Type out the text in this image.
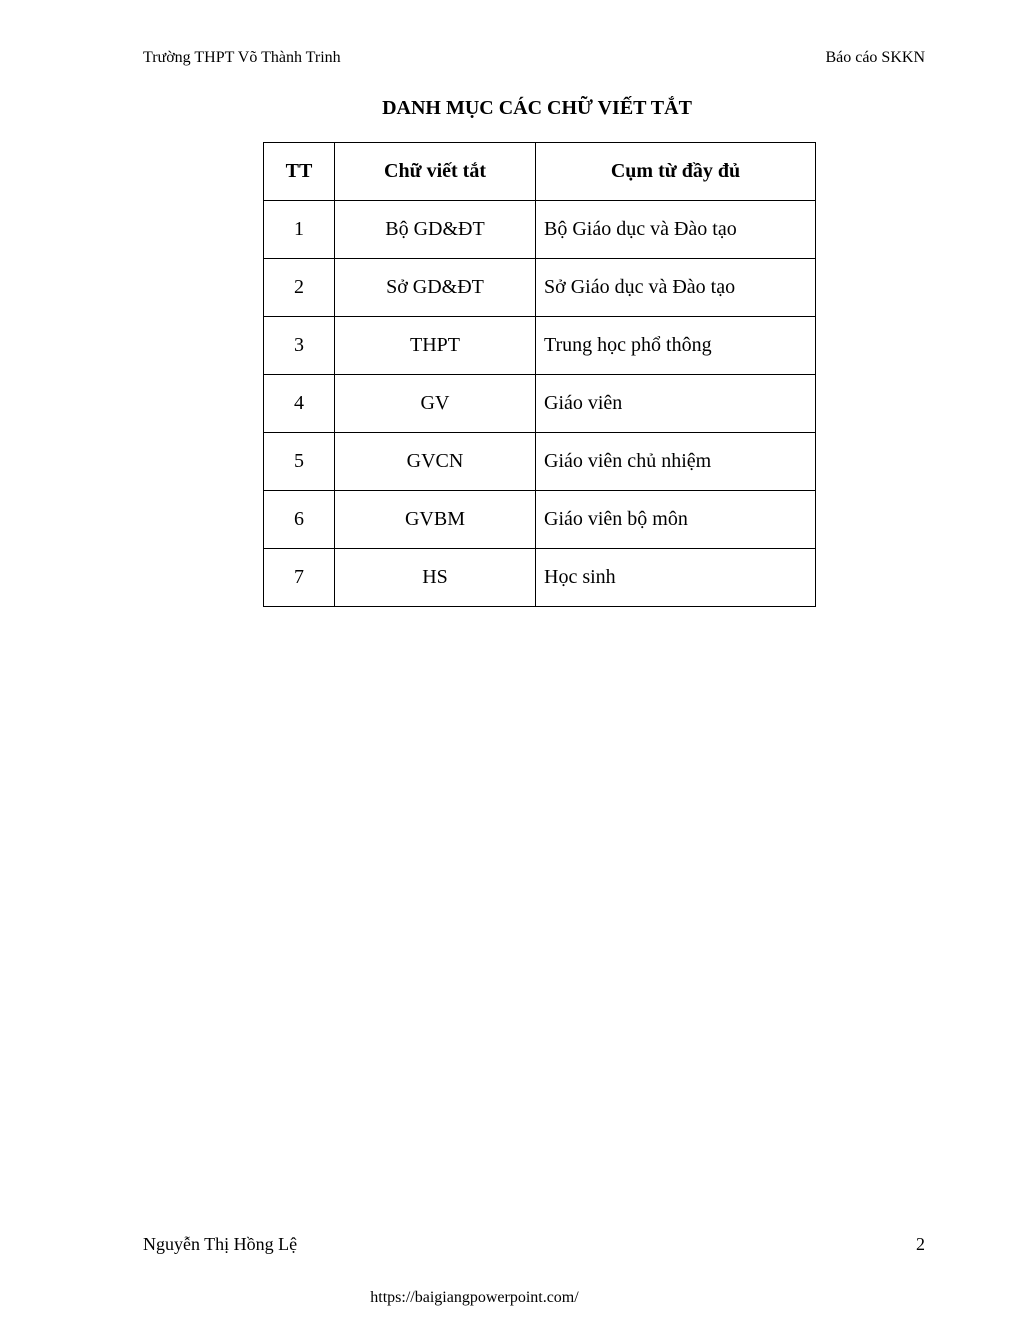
Trường THPT Võ Thành Trinh	Báo cáo SKKN
DANH MỤC CÁC CHỮ VIẾT TẮT
TT	Chữ viết tắt	Cụm từ đầy đủ
1	Bộ GD&ĐT	Bộ Giáo dục và Đào tạo
2	Sở GD&ĐT	Sở Giáo dục và Đào tạo
3	THPT	Trung học phổ thông
4	GV	Giáo viên
5	GVCN	Giáo viên chủ nhiệm
6	GVBM	Giáo viên bộ môn
7	HS	Học sinh
Nguyễn Thị Hồng Lệ	2
https://baigiangpowerpoint.com/
